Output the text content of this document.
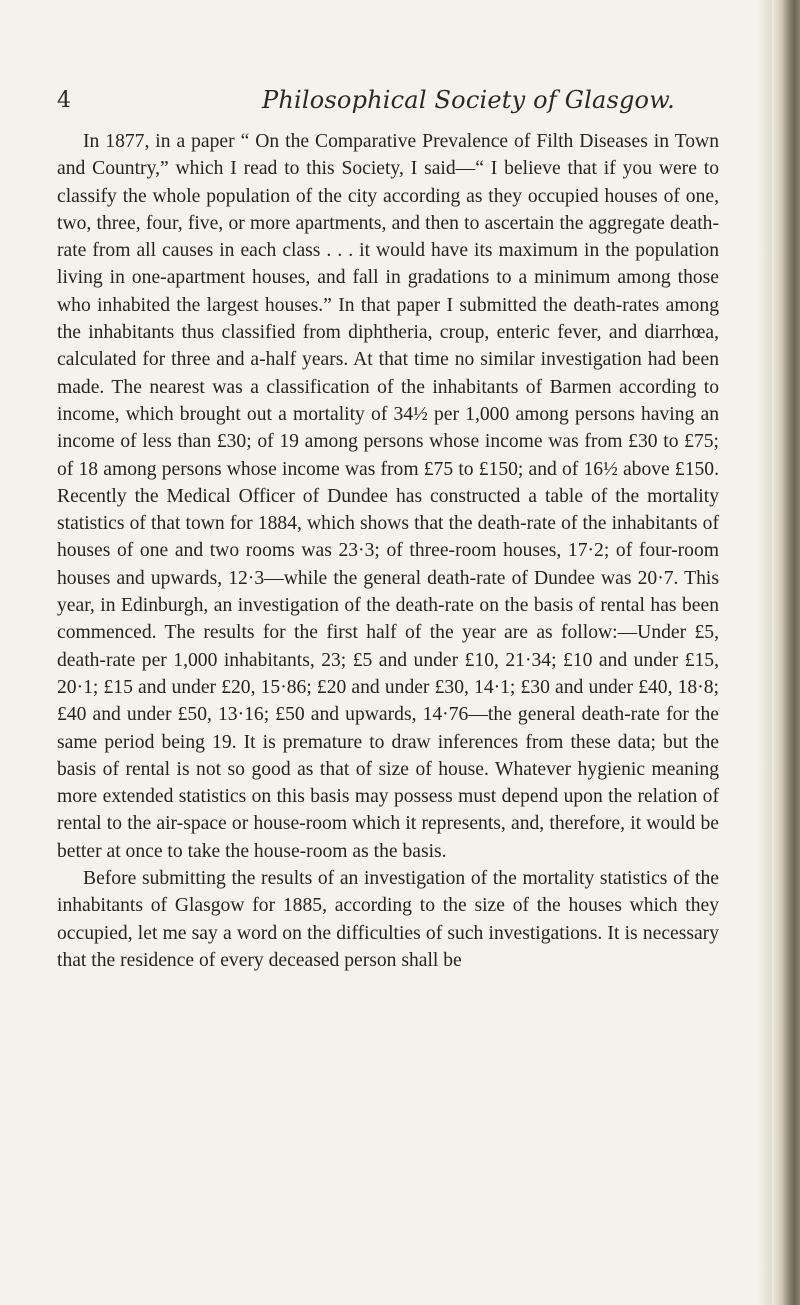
4	Philosophical Society of Glasgow.

In 1877, in a paper “ On the Comparative Prevalence of Filth Diseases in Town and Country,” which I read to this Society, I said—“ I believe that if you were to classify the whole population of the city according as they occupied houses of one, two, three, four, five, or more apartments, and then to ascertain the aggregate death-rate from all causes in each class . . . it would have its maximum in the population living in one-apartment houses, and fall in gradations to a minimum among those who inhabited the largest houses.” In that paper I submitted the death-rates among the inhabitants thus classified from diphtheria, croup, enteric fever, and diarrhœa, calculated for three and a-half years. At that time no similar investigation had been made. The nearest was a classification of the inhabitants of Barmen according to income, which brought out a mortality of 34½ per 1,000 among persons having an income of less than £30; of 19 among persons whose income was from £30 to £75; of 18 among persons whose income was from £75 to £150; and of 16½ above £150. Recently the Medical Officer of Dundee has constructed a table of the mortality statistics of that town for 1884, which shows that the death-rate of the inhabitants of houses of one and two rooms was 23·3; of three-room houses, 17·2; of four-room houses and upwards, 12·3—while the general death-rate of Dundee was 20·7. This year, in Edinburgh, an investigation of the death-rate on the basis of rental has been commenced. The results for the first half of the year are as follow:—Under £5, death-rate per 1,000 inhabitants, 23; £5 and under £10, 21·34; £10 and under £15, 20·1; £15 and under £20, 15·86; £20 and under £30, 14·1; £30 and under £40, 18·8; £40 and under £50, 13·16; £50 and upwards, 14·76—the general death-rate for the same period being 19. It is premature to draw inferences from these data; but the basis of rental is not so good as that of size of house. Whatever hygienic meaning more extended statistics on this basis may possess must depend upon the relation of rental to the air-space or house-room which it represents, and, therefore, it would be better at once to take the house-room as the basis.

Before submitting the results of an investigation of the mortality statistics of the inhabitants of Glasgow for 1885, according to the size of the houses which they occupied, let me say a word on the difficulties of such investigations. It is necessary that the residence of every deceased person shall be
